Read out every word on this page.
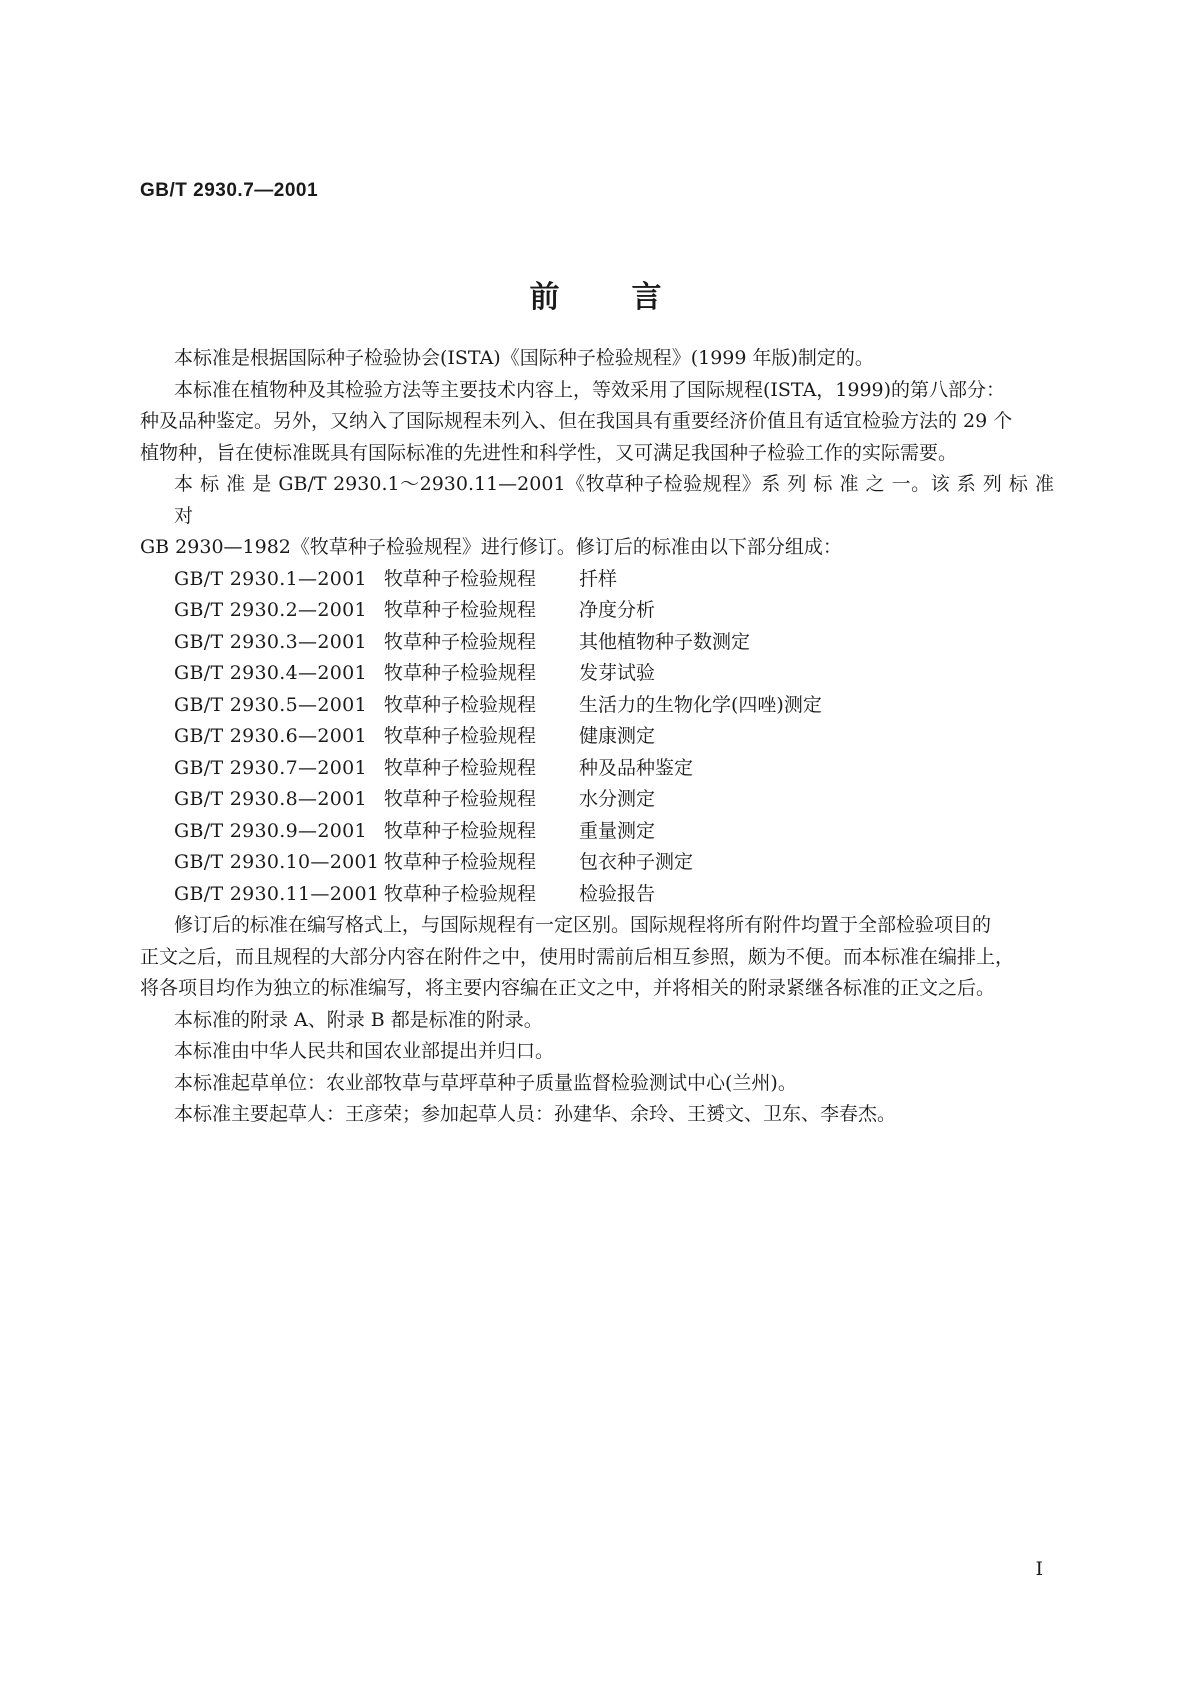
GB/T 2930.7—2001
前言

本标准是根据国际种子检验协会(ISTA)《国际种子检验规程》(1999 年版)制定的。

本标准在植物种及其检验方法等主要技术内容上，等效采用了国际规程(ISTA，1999)的第八部分：

种及品种鉴定。另外，又纳入了国际规程未列入、但在我国具有重要经济价值且有适宜检验方法的 29 个

植物种，旨在使标准既具有国际标准的先进性和科学性，又可满足我国种子检验工作的实际需要。

本 标 准 是 GB/T 2930.1～2930.11—2001《牧草种子检验规程》系 列 标 准 之 一。该 系 列 标 准 对

GB 2930—1982《牧草种子检验规程》进行修订。修订后的标准由以下部分组成：

GB/T 2930.1—2001 牧草种子检验规程	扦样
GB/T 2930.2—2001 牧草种子检验规程	净度分析
GB/T 2930.3—2001 牧草种子检验规程	其他植物种子数测定
GB/T 2930.4—2001 牧草种子检验规程	发芽试验
GB/T 2930.5—2001 牧草种子检验规程	生活力的生物化学(四唑)测定
GB/T 2930.6—2001 牧草种子检验规程	健康测定
GB/T 2930.7—2001 牧草种子检验规程	种及品种鉴定
GB/T 2930.8—2001 牧草种子检验规程	水分测定
GB/T 2930.9—2001 牧草种子检验规程	重量测定
GB/T 2930.10—2001 牧草种子检验规程	包衣种子测定
GB/T 2930.11—2001 牧草种子检验规程	检验报告

修订后的标准在编写格式上，与国际规程有一定区别。国际规程将所有附件均置于全部检验项目的

正文之后，而且规程的大部分内容在附件之中，使用时需前后相互参照，颇为不便。而本标准在编排上，

将各项目均作为独立的标准编写，将主要内容编在正文之中，并将相关的附录紧继各标准的正文之后。

本标准的附录 A、附录 B 都是标准的附录。

本标准由中华人民共和国农业部提出并归口。

本标准起草单位：农业部牧草与草坪草种子质量监督检验测试中心(兰州)。

本标准主要起草人：王彦荣；参加起草人员：孙建华、余玲、王赟文、卫东、李春杰。

I
